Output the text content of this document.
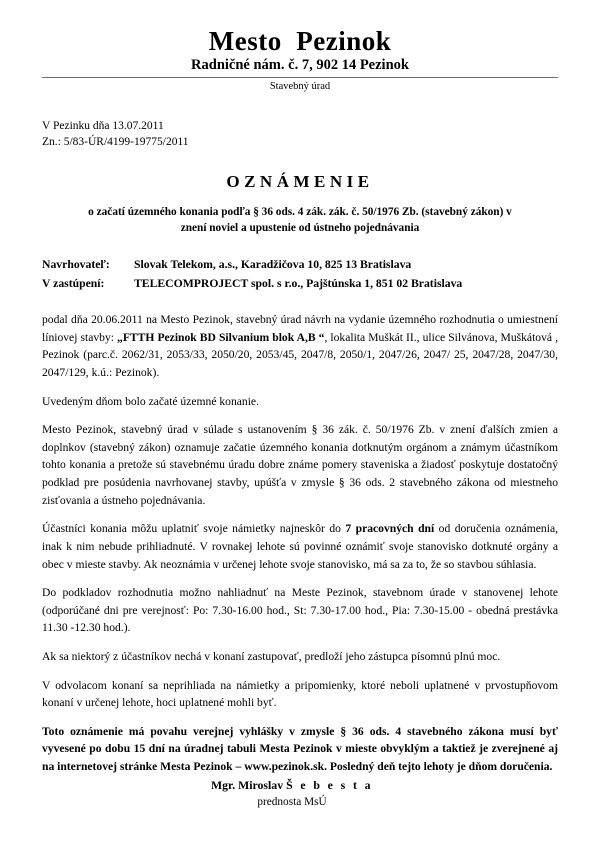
Mesto  Pezinok

Radničné nám. č. 7, 902 14 Pezinok

Stavebný úrad

V Pezinku dňa 13.07.2011
Zn.: 5/83-ÚR/4199-19775/2011
OZNÁMENIE

o začatí územného konania podľa § 36 ods. 4 zák. zák. č. 50/1976 Zb. (stavebný zákon) v znení noviel a upustenie od ústneho pojednávania

Navrhovateľ:	Slovak Telekom, a.s., Karadžičova 10, 825 13 Bratislava
V zastúpení:	TELECOMPROJECT spol. s r.o., Pajštúnska 1, 851 02 Bratislava

podal dňa 20.06.2011 na Mesto Pezinok, stavebný úrad návrh na vydanie územného rozhodnutia o umiestnení líniovej stavby: „FTTH Pezinok BD Silvanium blok A,B “, lokalita Muškát II., ulice Silvánova, Muškátová , Pezinok (parc.č. 2062/31, 2053/33, 2050/20, 2053/45, 2047/8, 2050/1, 2047/26, 2047/ 25, 2047/28, 2047/30, 2047/129, k.ú.: Pezinok).

Uvedeným dňom bolo začaté územné konanie.

Mesto Pezinok, stavebný úrad v súlade s ustanovením § 36 zák. č. 50/1976 Zb. v znení ďalších zmien a doplnkov (stavebný zákon) oznamuje začatie územného konania dotknutým orgánom a známym účastníkom tohto konania a pretože sú stavebnému úradu dobre známe pomery staveniska a žiadosť poskytuje dostatočný podklad pre posúdenia navrhovanej stavby, upúšťa v zmysle § 36 ods. 2 stavebného zákona od miestneho zisťovania a ústneho pojednávania.

Účastníci konania môžu uplatniť svoje námietky najneskôr do 7 pracovných dní od doručenia oznámenia, inak k nim nebude prihliadnuté. V rovnakej lehote sú povinné oznámiť svoje stanovisko dotknuté orgány a obec v mieste stavby. Ak neoznámia v určenej lehote svoje stanovisko, má sa za to, že so stavbou súhlasia.

Do podkladov rozhodnutia možno nahliadnuť na Meste Pezinok, stavebnom úrade v stanovenej lehote (odporúčané dni pre verejnosť: Po: 7.30-16.00 hod., St: 7.30-17.00 hod., Pia: 7.30-15.00 - obedná prestávka 11.30 -12.30 hod.).

Ak sa niektorý z účastníkov nechá v konaní zastupovať, predloží jeho zástupca písomnú plnú moc.

V odvolacom konaní sa neprihliada na námietky a pripomienky, ktoré neboli uplatnené v prvostupňovom konaní v určenej lehote, hoci uplatnené mohli byť.

Toto oznámenie má povahu verejnej vyhlášky v zmysle § 36 ods. 4 stavebného zákona musí byť vyvesené po dobu 15 dní na úradnej tabuli Mesta Pezinok v mieste obvyklým a taktiež je zverejnené aj na internetovej stránke Mesta Pezinok – www.pezinok.sk. Posledný deň tejto lehoty je dňom doručenia.

Mgr. Miroslav Š e b e s t a

prednosta MsÚ
